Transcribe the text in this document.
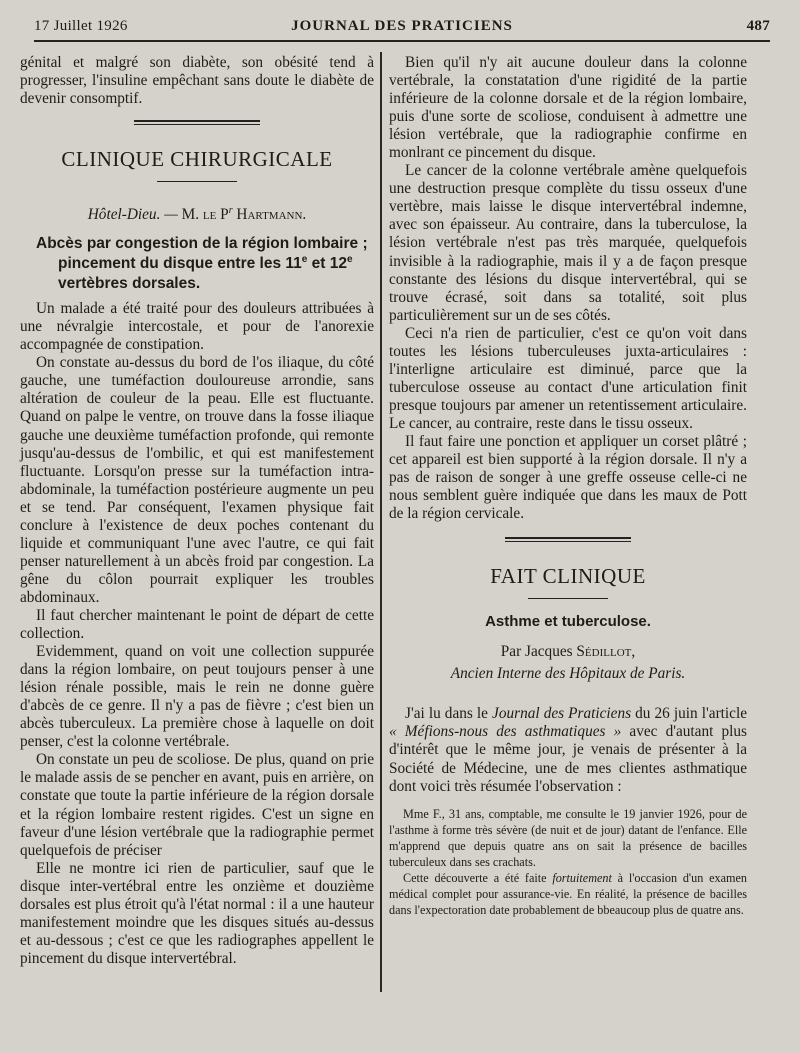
17 Juillet 1926	JOURNAL DES PRATICIENS	487

génital et malgré son diabète, son obésité tend à progresser, l'insuline empêchant sans doute le diabète de devenir consomptif.

CLINIQUE CHIRURGICALE
Hôtel-Dieu. — M. le $P^r$ Hartmann.
Abcès par congestion de la région lombaire ; pincement du disque entre les 11e et 12e vertèbres dorsales.

Un malade a été traité pour des douleurs attribuées à une névralgie intercostale, et pour de l'anorexie accompagnée de constipation.

On constate au-dessus du bord de l'os iliaque, du côté gauche, une tuméfaction douloureuse arrondie, sans altération de couleur de la peau. Elle est fluctuante. Quand on palpe le ventre, on trouve dans la fosse iliaque gauche une deuxième tuméfaction profonde, qui remonte jusqu'au-dessus de l'ombilic, et qui est manifestement fluctuante. Lorsqu'on presse sur la tuméfaction intra-abdominale, la tuméfaction postérieure augmente un peu et se tend. Par conséquent, l'examen physique fait conclure à l'existence de deux poches contenant du liquide et communiquant l'une avec l'autre, ce qui fait penser naturellement à un abcès froid par congestion. La gêne du côlon pourrait expliquer les troubles abdominaux.

Il faut chercher maintenant le point de départ de cette collection.

Evidemment, quand on voit une collection suppurée dans la région lombaire, on peut toujours penser à une lésion rénale possible, mais le rein ne donne guère d'abcès de ce genre. Il n'y a pas de fièvre ; c'est bien un abcès tuberculeux. La première chose à laquelle on doit penser, c'est la colonne vertébrale.

On constate un peu de scoliose. De plus, quand on prie le malade assis de se pencher en avant, puis en arrière, on constate que toute la partie inférieure de la région dorsale et la région lombaire restent rigides. C'est un signe en faveur d'une lésion vertébrale que la radiographie permet quelquefois de préciser

Elle ne montre ici rien de particulier, sauf que le disque inter-vertébral entre les onzième et douzième dorsales est plus étroit qu'à l'état normal : il a une hauteur manifestement moindre que les disques situés au-dessus et au-dessous ; c'est ce que les radiographes appellent le pincement du disque intervertébral.

Bien qu'il n'y ait aucune douleur dans la colonne vertébrale, la constatation d'une rigidité de la partie inférieure de la colonne dorsale et de la région lombaire, puis d'une sorte de scoliose, conduisent à admettre une lésion vertébrale, que la radiographie confirme en monlrant ce pincement du disque.

Le cancer de la colonne vertébrale amène quelquefois une destruction presque complète du tissu osseux d'une vertèbre, mais laisse le disque intervertébral indemne, avec son épaisseur. Au contraire, dans la tuberculose, la lésion vertébrale n'est pas très marquée, quelquefois invisible à la radiographie, mais il y a de façon presque constante des lésions du disque intervertébral, qui se trouve écrasé, soit dans sa totalité, soit plus particulièrement sur un de ses côtés.

Ceci n'a rien de particulier, c'est ce qu'on voit dans toutes les lésions tuberculeuses juxta-articulaires : l'interligne articulaire est diminué, parce que la tuberculose osseuse au contact d'une articulation finit presque toujours par amener un retentissement articulaire. Le cancer, au contraire, reste dans le tissu osseux.

Il faut faire une ponction et appliquer un corset plâtré ; cet appareil est bien supporté à la région dorsale. Il n'y a pas de raison de songer à une greffe osseuse celle-ci ne nous semblent guère indiquée que dans les maux de Pott de la région cervicale.

FAIT CLINIQUE
Asthme et tuberculose.
Par Jacques Sédillot,
Ancien Interne des Hôpitaux de Paris.

J'ai lu dans le Journal des Praticiens du 26 juin l'article « Méfions-nous des asthmatiques » avec d'autant plus d'intérêt que le même jour, je venais de présenter à la Société de Médecine, une de mes clientes asthmatique dont voici très résumée l'observation :

Mme F., 31 ans, comptable, me consulte le 19 janvier 1926, pour de l'asthme à forme très sévère (de nuit et de jour) datant de l'enfance. Elle m'apprend que depuis quatre ans on sait la présence de bacilles tuberculeux dans ses crachats.

Cette découverte a été faite fortuitement à l'occasion d'un examen médical complet pour assurance-vie. En réalité, la présence de bacilles dans l'expectoration date probablement de bbeaucoup plus de quatre ans.
